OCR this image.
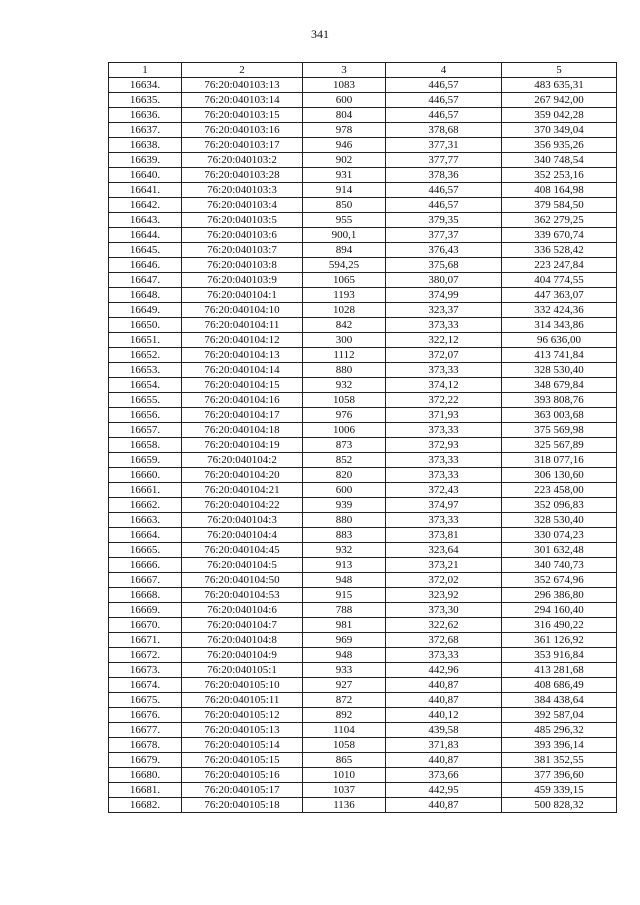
341
1	2	3	4	5
16634.	76:20:040103:13	1083	446,57	483 635,31
16635.	76:20:040103:14	600	446,57	267 942,00
16636.	76:20:040103:15	804	446,57	359 042,28
16637.	76:20:040103:16	978	378,68	370 349,04
16638.	76:20:040103:17	946	377,31	356 935,26
16639.	76:20:040103:2	902	377,77	340 748,54
16640.	76:20:040103:28	931	378,36	352 253,16
16641.	76:20:040103:3	914	446,57	408 164,98
16642.	76:20:040103:4	850	446,57	379 584,50
16643.	76:20:040103:5	955	379,35	362 279,25
16644.	76:20:040103:6	900,1	377,37	339 670,74
16645.	76:20:040103:7	894	376,43	336 528,42
16646.	76:20:040103:8	594,25	375,68	223 247,84
16647.	76:20:040103:9	1065	380,07	404 774,55
16648.	76:20:040104:1	1193	374,99	447 363,07
16649.	76:20:040104:10	1028	323,37	332 424,36
16650.	76:20:040104:11	842	373,33	314 343,86
16651.	76:20:040104:12	300	322,12	96 636,00
16652.	76:20:040104:13	1112	372,07	413 741,84
16653.	76:20:040104:14	880	373,33	328 530,40
16654.	76:20:040104:15	932	374,12	348 679,84
16655.	76:20:040104:16	1058	372,22	393 808,76
16656.	76:20:040104:17	976	371,93	363 003,68
16657.	76:20:040104:18	1006	373,33	375 569,98
16658.	76:20:040104:19	873	372,93	325 567,89
16659.	76:20:040104:2	852	373,33	318 077,16
16660.	76:20:040104:20	820	373,33	306 130,60
16661.	76:20:040104:21	600	372,43	223 458,00
16662.	76:20:040104:22	939	374,97	352 096,83
16663.	76:20:040104:3	880	373,33	328 530,40
16664.	76:20:040104:4	883	373,81	330 074,23
16665.	76:20:040104:45	932	323,64	301 632,48
16666.	76:20:040104:5	913	373,21	340 740,73
16667.	76:20:040104:50	948	372,02	352 674,96
16668.	76:20:040104:53	915	323,92	296 386,80
16669.	76:20:040104:6	788	373,30	294 160,40
16670.	76:20:040104:7	981	322,62	316 490,22
16671.	76:20:040104:8	969	372,68	361 126,92
16672.	76:20:040104:9	948	373,33	353 916,84
16673.	76:20:040105:1	933	442,96	413 281,68
16674.	76:20:040105:10	927	440,87	408 686,49
16675.	76:20:040105:11	872	440,87	384 438,64
16676.	76:20:040105:12	892	440,12	392 587,04
16677.	76:20:040105:13	1104	439,58	485 296,32
16678.	76:20:040105:14	1058	371,83	393 396,14
16679.	76:20:040105:15	865	440,87	381 352,55
16680.	76:20:040105:16	1010	373,66	377 396,60
16681.	76:20:040105:17	1037	442,95	459 339,15
16682.	76:20:040105:18	1136	440,87	500 828,32
